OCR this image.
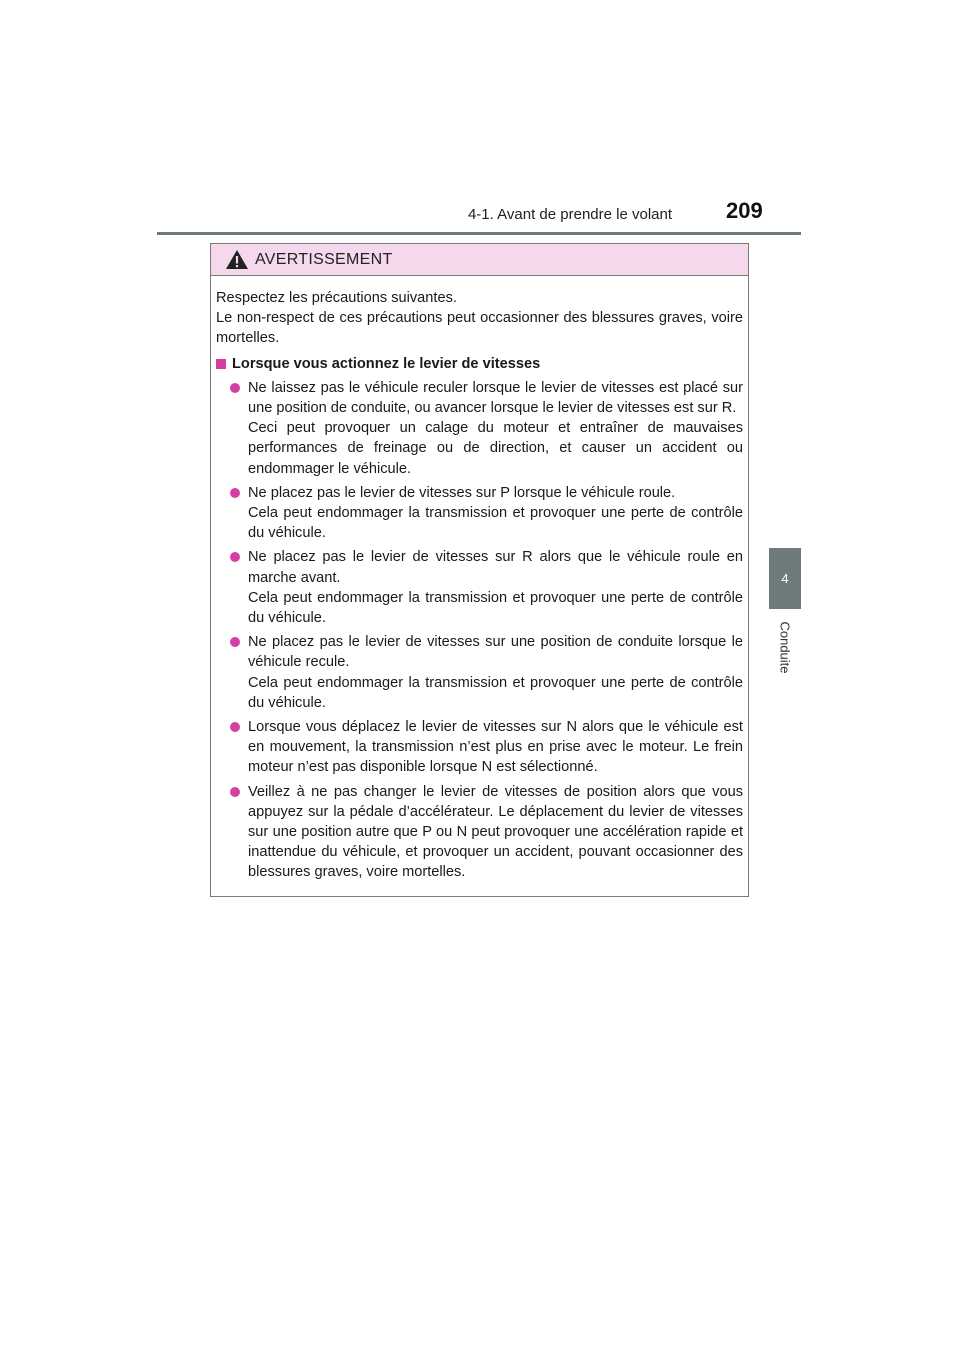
4-1. Avant de prendre le volant 209
4
Conduite
AVERTISSEMENT

Respectez les précautions suivantes.

Le non-respect de ces précautions peut occasionner des blessures graves, voire mortelles.

Lorsque vous actionnez le levier de vitesses

Ne laissez pas le véhicule reculer lorsque le levier de vitesses est placé sur une position de conduite, ou avancer lorsque le levier de vitesses est sur R.

Ceci peut provoquer un calage du moteur et entraîner de mauvaises performances de freinage ou de direction, et causer un accident ou endommager le véhicule.

Ne placez pas le levier de vitesses sur P lorsque le véhicule roule.

Cela peut endommager la transmission et provoquer une perte de contrôle du véhicule.

Ne placez pas le levier de vitesses sur R alors que le véhicule roule en marche avant.

Cela peut endommager la transmission et provoquer une perte de contrôle du véhicule.

Ne placez pas le levier de vitesses sur une position de conduite lorsque le véhicule recule.

Cela peut endommager la transmission et provoquer une perte de contrôle du véhicule.

Lorsque vous déplacez le levier de vitesses sur N alors que le véhicule est en mouvement, la transmission n’est plus en prise avec le moteur. Le frein moteur n’est pas disponible lorsque N est sélectionné.

Veillez à ne pas changer le levier de vitesses de position alors que vous appuyez sur la pédale d’accélérateur. Le déplacement du levier de vitesses sur une position autre que P ou N peut provoquer une accélération rapide et inattendue du véhicule, et provoquer un accident, pouvant occasionner des blessures graves, voire mortelles.
